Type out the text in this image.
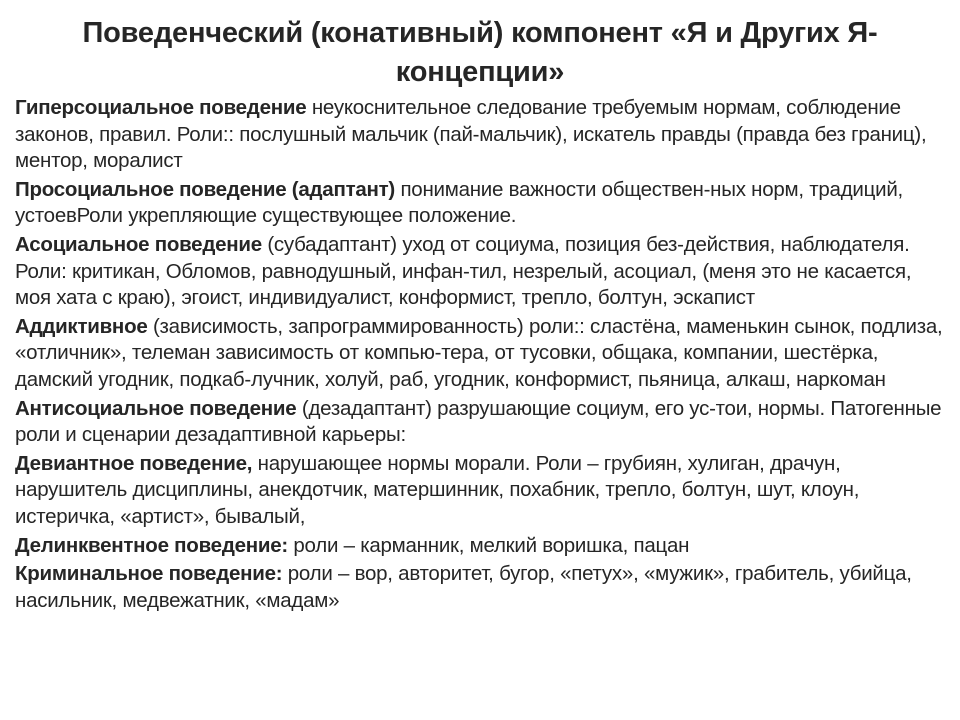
Поведенческий (конативный) компонент «Я и Других Я-концепции»
Гиперсоциальное поведение неукоснительное следование требуемым нормам, соблюдение законов, правил. Роли:: послушный мальчик (пай-мальчик), искатель правды (правда без границ), ментор, моралист
Просоциальное поведение (адаптант) понимание важности обществен-ных норм, традиций, устоевРоли укрепляющие существующее положение.
Асоциальное поведение (субадаптант) уход от социума, позиция без-действия, наблюдателя. Роли: критикан, Обломов, равнодушный, инфан-тил, незрелый, асоциал, (меня это не касается, моя хата с краю), эгоист, индивидуалист, конформист, трепло, болтун, эскапист
Аддиктивное (зависимость, запрограммированность) роли:: сластёна, маменькин сынок, подлиза, «отличник», телеман зависимость от компью-тера, от тусовки, общака, компании, шестёрка, дамский угодник, подкаб-лучник, холуй, раб, угодник, конформист, пьяница, алкаш, наркоман
Антисоциальное поведение (дезадаптант) разрушающие социум, его ус-тои, нормы. Патогенные роли и сценарии дезадаптивной карьеры:
Девиантное поведение, нарушающее нормы морали. Роли – грубиян, хулиган, драчун, нарушитель дисциплины, анекдотчик, матершинник, похабник, трепло, болтун, шут, клоун, истеричка, «артист», бывалый,
Делинквентное поведение: роли – карманник, мелкий воришка, пацан
Криминальное поведение: роли – вор, авторитет, бугор, «петух», «мужик», грабитель, убийца, насильник, медвежатник, «мадам»
